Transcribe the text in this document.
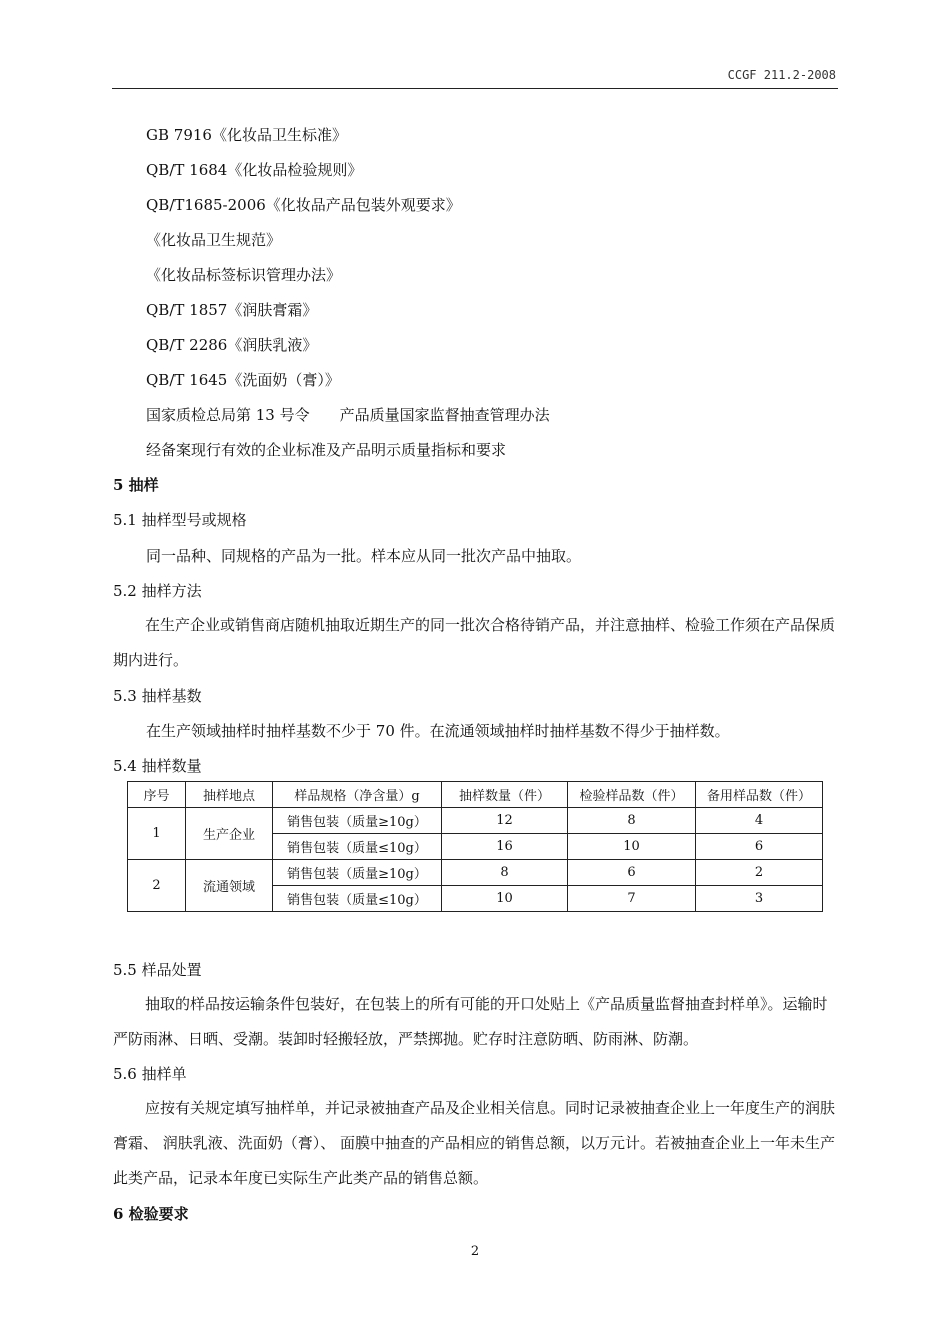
CCGF 211.2-2008
GB 7916《化妆品卫生标准》
QB/T 1684《化妆品检验规则》
QB/T1685-2006《化妆品产品包装外观要求》
《化妆品卫生规范》
《化妆品标签标识管理办法》
QB/T 1857《润肤膏霜》
QB/T 2286《润肤乳液》
QB/T 1645《洗面奶（膏）》
国家质检总局第 13 号令　　产品质量国家监督抽查管理办法
经备案现行有效的企业标准及产品明示质量指标和要求
5 抽样
5.1 抽样型号或规格
同一品种、同规格的产品为一批。样本应从同一批次产品中抽取。
5.2 抽样方法
在生产企业或销售商店随机抽取近期生产的同一批次合格待销产品，并注意抽样、检验工作须在产品保质期内进行。
5.3 抽样基数
在生产领域抽样时抽样基数不少于 70 件。在流通领域抽样时抽样基数不得少于抽样数。
5.4 抽样数量
序号	抽样地点	样品规格（净含量）g	抽样数量（件）	检验样品数（件）	备用样品数（件）
1	生产企业	销售包装（质量≥10g）	12	8	4
		销售包装（质量≤10g）	16	10	6
2	流通领域	销售包装（质量≥10g）	8	6	2
		销售包装（质量≤10g）	10	7	3
5.5 样品处置
抽取的样品按运输条件包装好，在包装上的所有可能的开口处贴上《产品质量监督抽查封样单》。运输时严防雨淋、日晒、受潮。装卸时轻搬轻放，严禁掷抛。贮存时注意防晒、防雨淋、防潮。
5.6 抽样单
应按有关规定填写抽样单，并记录被抽查产品及企业相关信息。同时记录被抽查企业上一年度生产的润肤膏霜、 润肤乳液、洗面奶（膏）、 面膜中抽查的产品相应的销售总额，以万元计。若被抽查企业上一年未生产此类产品，记录本年度已实际生产此类产品的销售总额。
6 检验要求
2
